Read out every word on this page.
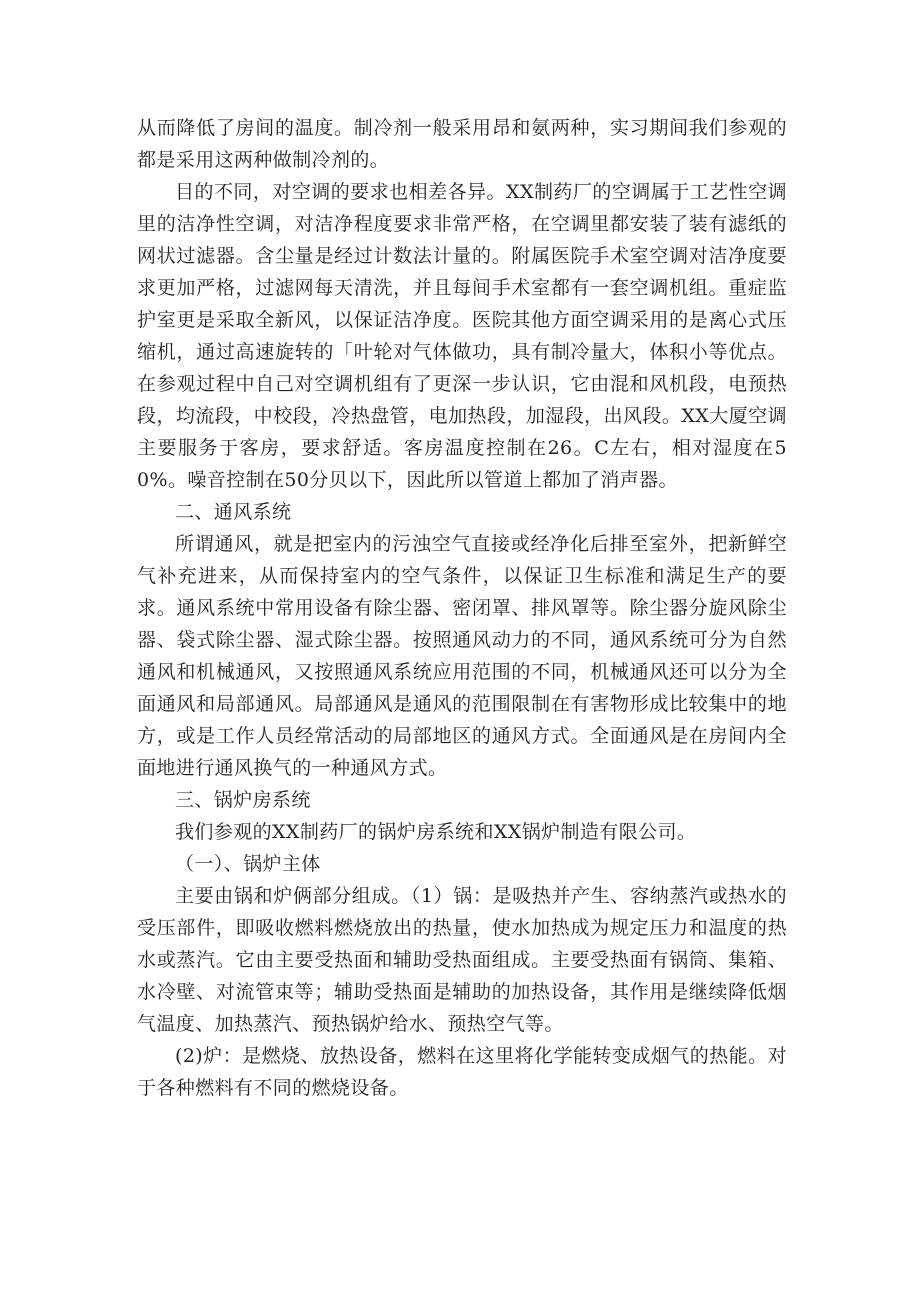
从而降低了房间的温度。制冷剂一般采用昂和氨两种，实习期间我们参观的都是采用这两种做制冷剂的。

目的不同，对空调的要求也相差各异。XX制药厂的空调属于工艺性空调里的洁净性空调，对洁净程度要求非常严格，在空调里都安装了装有滤纸的网状过滤器。含尘量是经过计数法计量的。附属医院手术室空调对洁净度要求更加严格，过滤网每天清洗，并且每间手术室都有一套空调机组。重症监护室更是采取全新风，以保证洁净度。医院其他方面空调采用的是离心式压缩机，通过高速旋转的「叶轮对气体做功，具有制冷量大，体积小等优点。在参观过程中自己对空调机组有了更深一步认识，它由混和风机段，电预热段，均流段，中校段，冷热盘管，电加热段，加湿段，出风段。XX大厦空调主要服务于客房，要求舒适。客房温度控制在26。C左右，相对湿度在50%。噪音控制在50分贝以下，因此所以管道上都加了消声器。

二、通风系统

所谓通风，就是把室内的污浊空气直接或经净化后排至室外，把新鲜空气补充进来，从而保持室内的空气条件，以保证卫生标准和满足生产的要求。通风系统中常用设备有除尘器、密闭罩、排风罩等。除尘器分旋风除尘器、袋式除尘器、湿式除尘器。按照通风动力的不同，通风系统可分为自然通风和机械通风，又按照通风系统应用范围的不同，机械通风还可以分为全面通风和局部通风。局部通风是通风的范围限制在有害物形成比较集中的地方，或是工作人员经常活动的局部地区的通风方式。全面通风是在房间内全面地进行通风换气的一种通风方式。

三、锅炉房系统

我们参观的XX制药厂的锅炉房系统和XX锅炉制造有限公司。

（一）、锅炉主体

主要由锅和炉俩部分组成。（1）锅：是吸热并产生、容纳蒸汽或热水的受压部件，即吸收燃料燃烧放出的热量，使水加热成为规定压力和温度的热水或蒸汽。它由主要受热面和辅助受热面组成。主要受热面有锅筒、集箱、水冷壁、对流管束等；辅助受热面是辅助的加热设备，其作用是继续降低烟气温度、加热蒸汽、预热锅炉给水、预热空气等。

(2)炉：是燃烧、放热设备，燃料在这里将化学能转变成烟气的热能。对于各种燃料有不同的燃烧设备。
